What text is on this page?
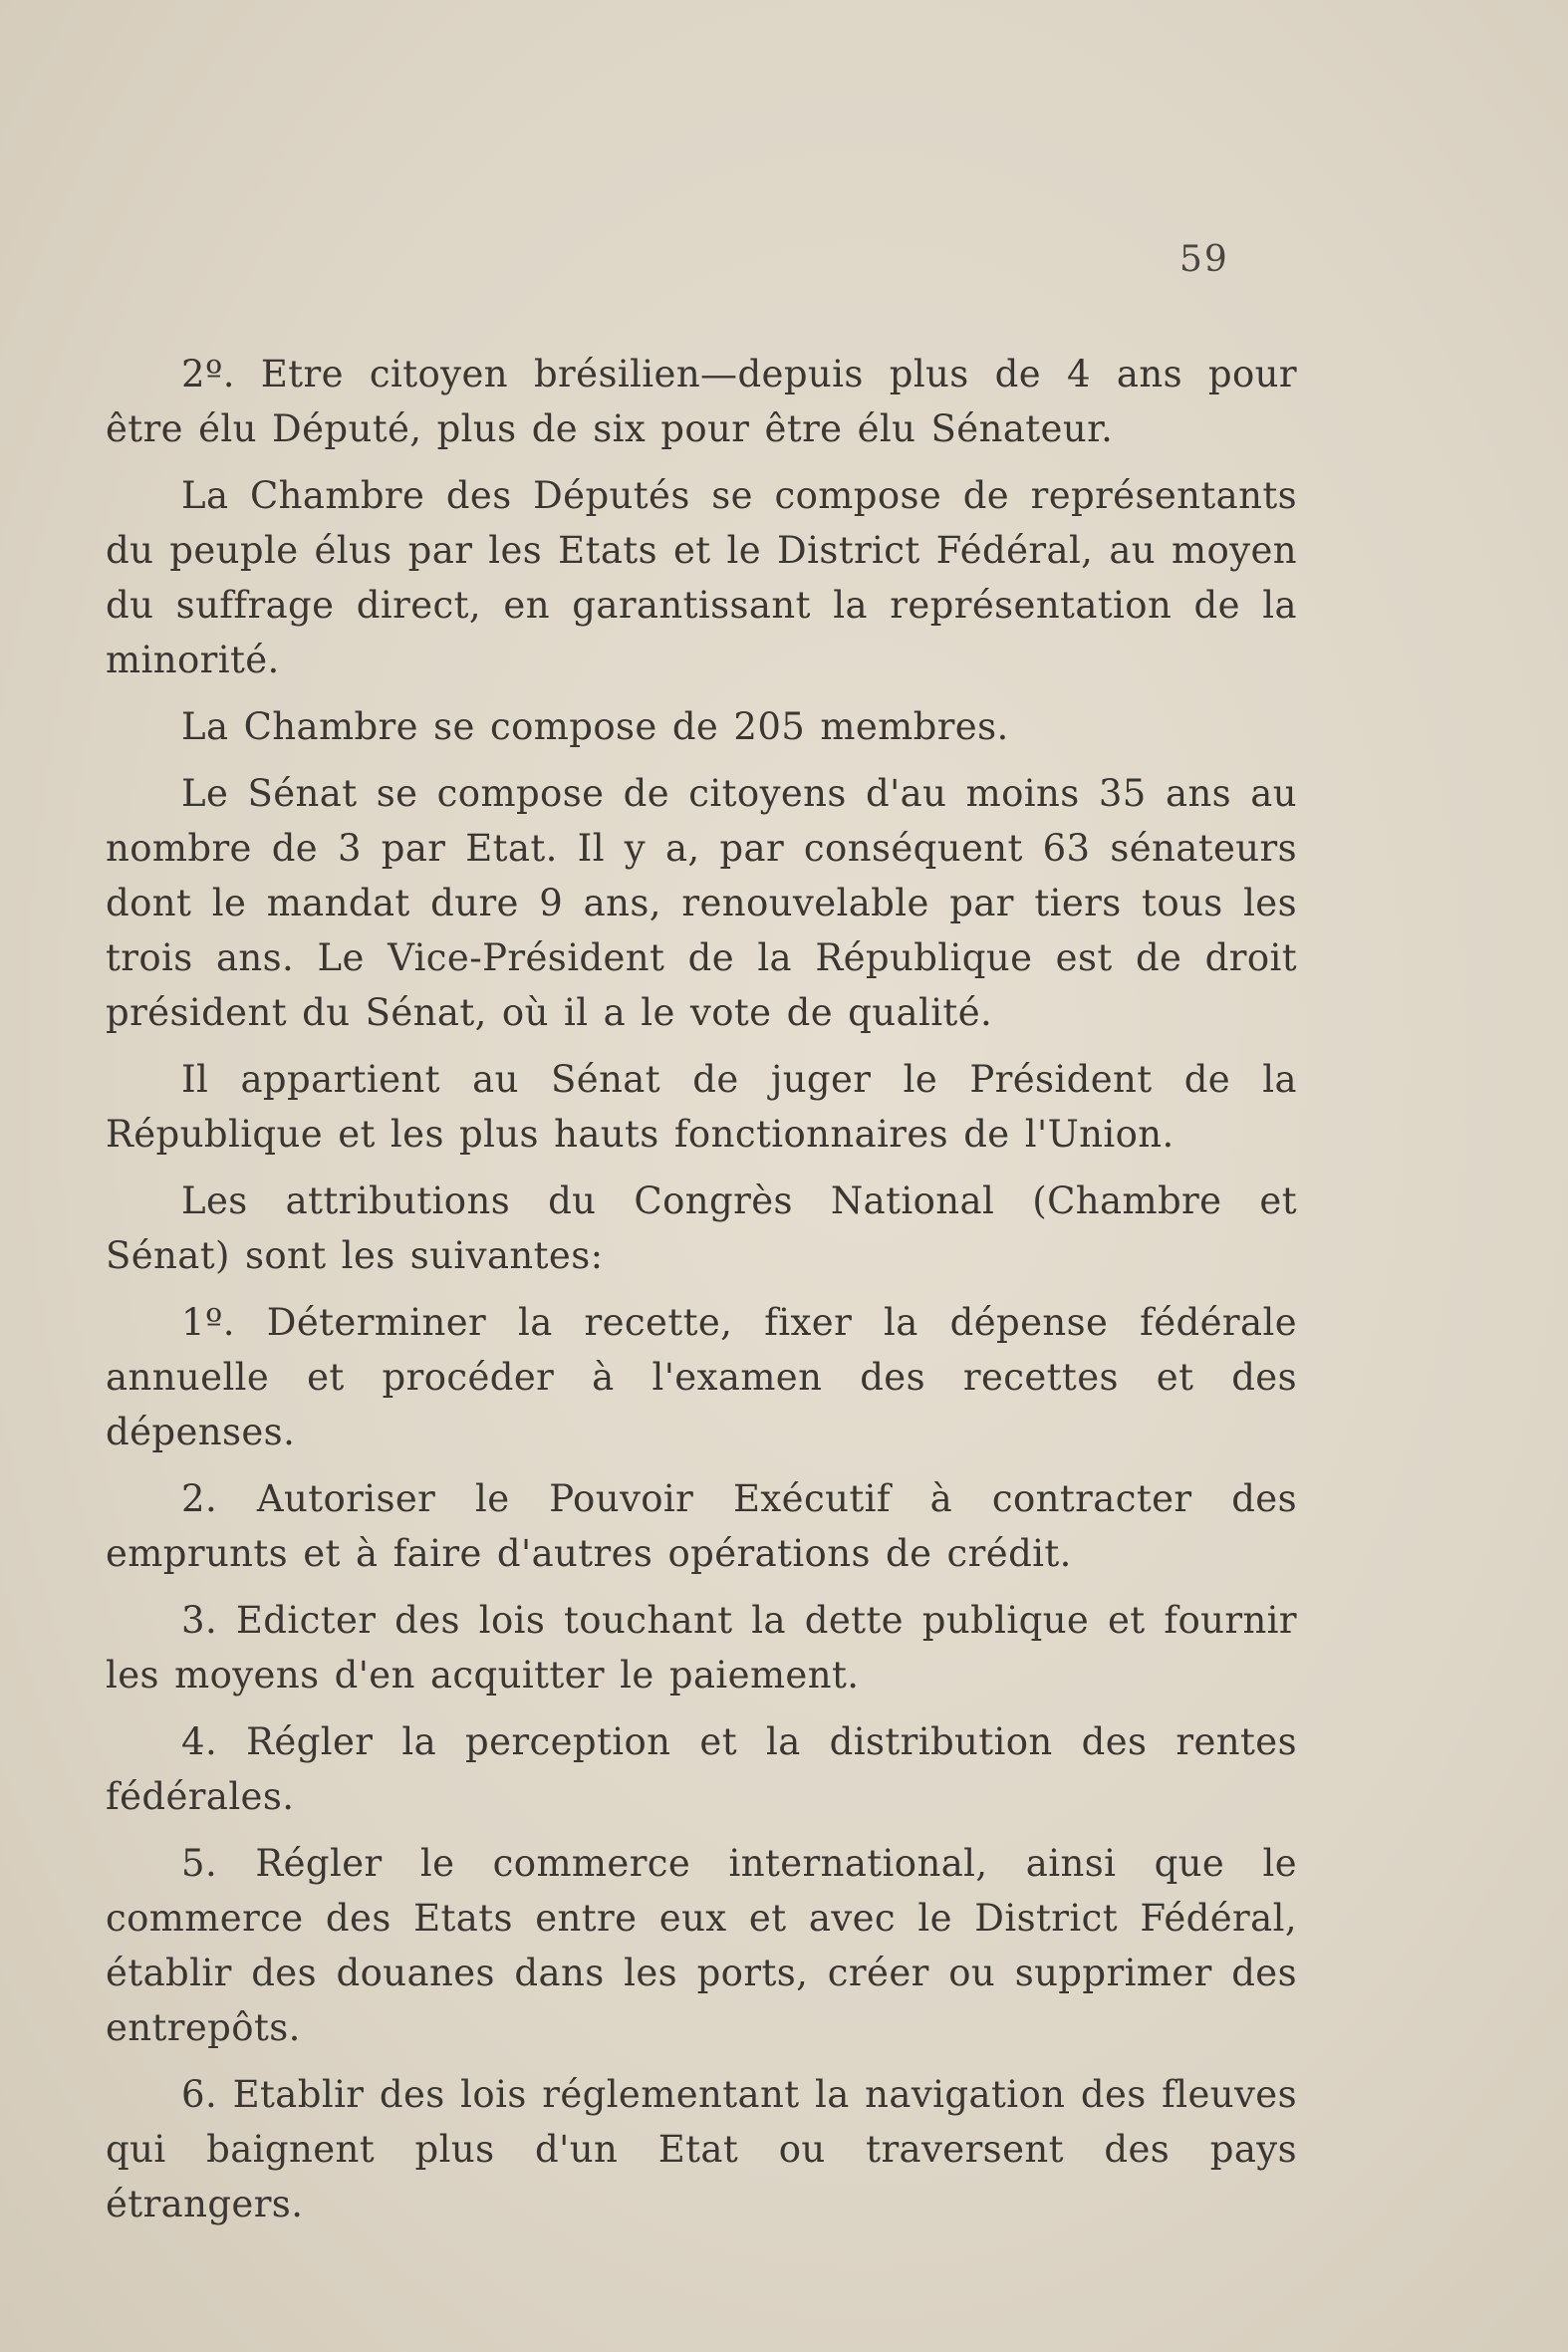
59

2º. Etre citoyen brésilien—depuis plus de 4 ans pour être élu Député, plus de six pour être élu Sénateur.

La Chambre des Députés se compose de représentants du peuple élus par les Etats et le District Fédéral, au moyen du suffrage direct, en garantissant la représentation de la minorité.

La Chambre se compose de 205 membres.

Le Sénat se compose de citoyens d'au moins 35 ans au nombre de 3 par Etat. Il y a, par conséquent 63 sénateurs dont le mandat dure 9 ans, renouvelable par tiers tous les trois ans. Le Vice-Président de la République est de droit président du Sénat, où il a le vote de qualité.

Il appartient au Sénat de juger le Président de la République et les plus hauts fonctionnaires de l'Union.

Les attributions du Congrès National (Chambre et Sénat) sont les suivantes:

1º. Déterminer la recette, fixer la dépense fédérale annuelle et procéder à l'examen des recettes et des dépenses.

2. Autoriser le Pouvoir Exécutif à contracter des emprunts et à faire d'autres opérations de crédit.

3. Edicter des lois touchant la dette publique et fournir les moyens d'en acquitter le paiement.

4. Régler la perception et la distribution des rentes fédérales.

5. Régler le commerce international, ainsi que le commerce des Etats entre eux et avec le District Fédéral, établir des douanes dans les ports, créer ou supprimer des entrepôts.

6. Etablir des lois réglementant la navigation des fleuves qui baignent plus d'un Etat ou traversent des pays étrangers.
